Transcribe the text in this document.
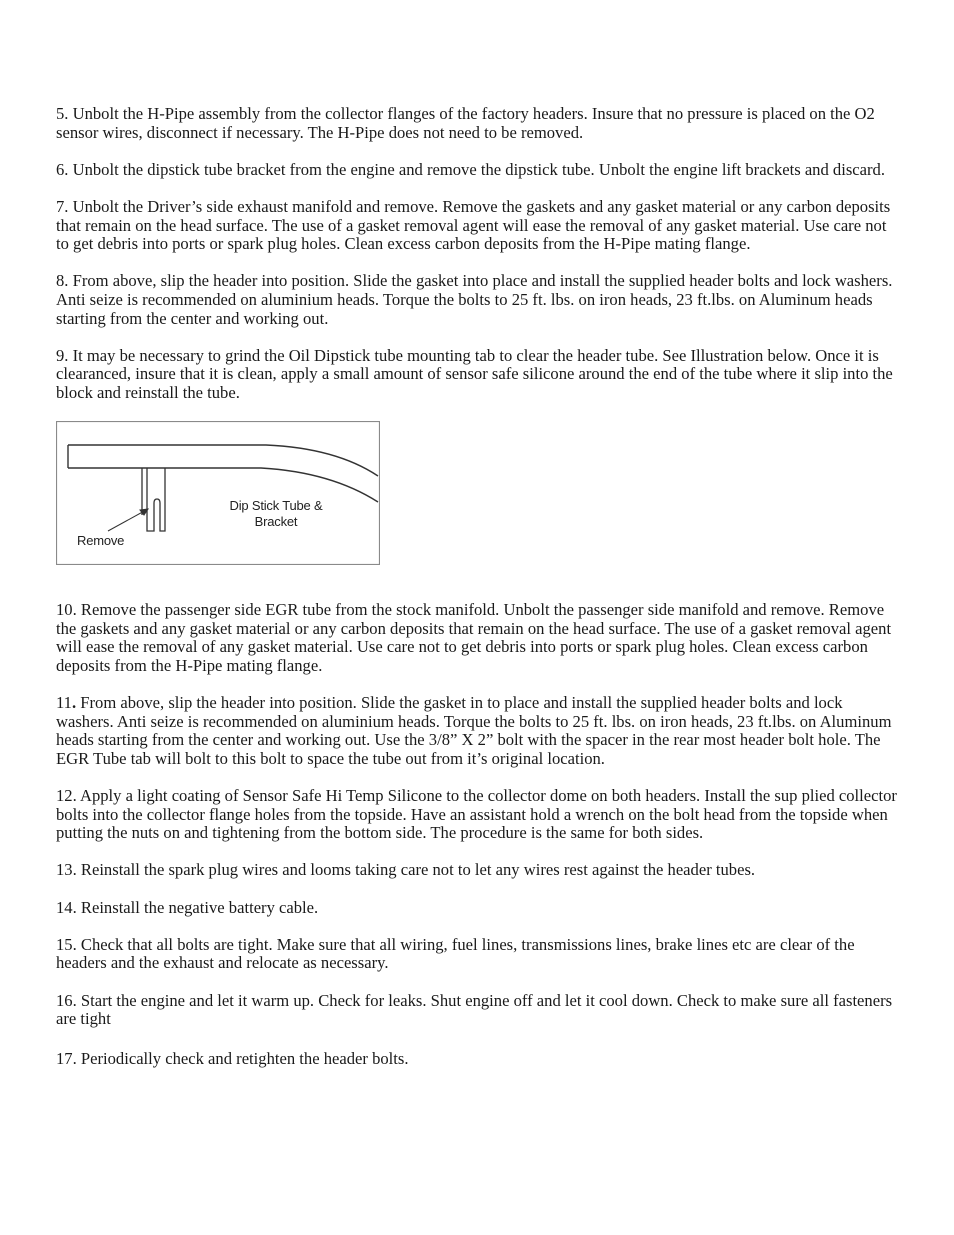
5. Unbolt the H-Pipe assembly from the collector flanges of the factory headers. Insure that no pressure is placed on the O2 sensor wires, disconnect if necessary. The H-Pipe does not need to be removed.

6. Unbolt the dipstick tube bracket from the engine and remove the dipstick tube. Unbolt the engine lift brackets and discard.

7. Unbolt the Driver’s side exhaust manifold and remove. Remove the gaskets and any gasket material or any carbon deposits that remain on the head surface. The use of a gasket removal agent will ease the removal of any gasket material. Use care not to get debris into ports or spark plug holes. Clean excess carbon deposits from the H-Pipe mating flange.

8. From above, slip the header into position. Slide the gasket into place and install the supplied header bolts and lock washers. Anti seize is recommended on aluminium heads. Torque the bolts to 25 ft. lbs. on iron heads, 23 ft.lbs. on Aluminum heads starting from the center and working out.

9. It may be necessary to grind the Oil Dipstick tube mounting tab to clear the header tube. See Illustration below. Once it is clearanced, insure that it is clean, apply a small amount of sensor safe silicone around the end of the tube where it slip into the block and reinstall the tube.

Dip Stick Tube &
Bracket
Remove

10. Remove the passenger side EGR tube from the stock manifold. Unbolt the passenger side manifold and remove. Remove the gaskets and any gasket material or any carbon deposits that remain on the head surface. The use of a gasket removal agent will ease the removal of any gasket material. Use care not to get debris into ports or spark plug holes. Clean excess carbon deposits from the H-Pipe mating flange.

11. From above, slip the header into position. Slide the gasket in to place and install the supplied header bolts and lock washers. Anti seize is recommended on aluminium heads. Torque the bolts to 25 ft. lbs. on iron heads, 23 ft.lbs. on Aluminum heads starting from the center and working out. Use the 3/8” X 2” bolt with the spacer in the rear most header bolt hole. The EGR Tube tab will bolt to this bolt to space the tube out from it’s original location.

12. Apply a light coating of Sensor Safe Hi Temp Silicone to the collector dome on both headers. Install the sup plied collector bolts into the collector flange holes from the topside. Have an assistant hold a wrench on the bolt head from the topside when putting the nuts on and tightening from the bottom side. The procedure is the same for both sides.

13. Reinstall the spark plug wires and looms taking care not to let any wires rest against the header tubes.

14. Reinstall the negative battery cable.

15. Check that all bolts are tight. Make sure that all wiring, fuel lines, transmissions lines, brake lines etc are clear of the headers and the exhaust and relocate as necessary.

16. Start the engine and let it warm up. Check for leaks. Shut engine off and let it cool down. Check to make sure all fasteners are tight

17. Periodically check and retighten the header bolts.
